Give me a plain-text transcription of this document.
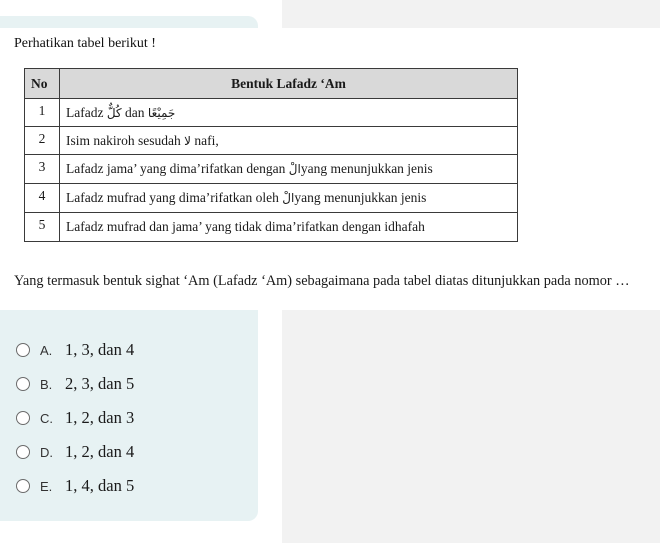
Perhatikan tabel berikut !
No	Bentuk Lafadz ‘Am
1	Lafadz كُلٌّ dan جَمِيْعًا
2	Isim nakiroh sesudah لا nafi,
3	Lafadz jama’ yang dima’rifatkan dengan الْyang menunjukkan jenis
4	Lafadz mufrad yang dima’rifatkan oleh الْyang menunjukkan jenis
5	Lafadz mufrad dan jama’ yang tidak dima’rifatkan dengan idhafah
Yang termasuk bentuk sighat ‘Am (Lafadz ‘Am) sebagaimana pada tabel diatas ditunjukkan pada nomor …
A. 1, 3, dan 4
B. 2, 3, dan 5
C. 1, 2, dan 3
D. 1, 2, dan 4
E. 1, 4, dan 5
